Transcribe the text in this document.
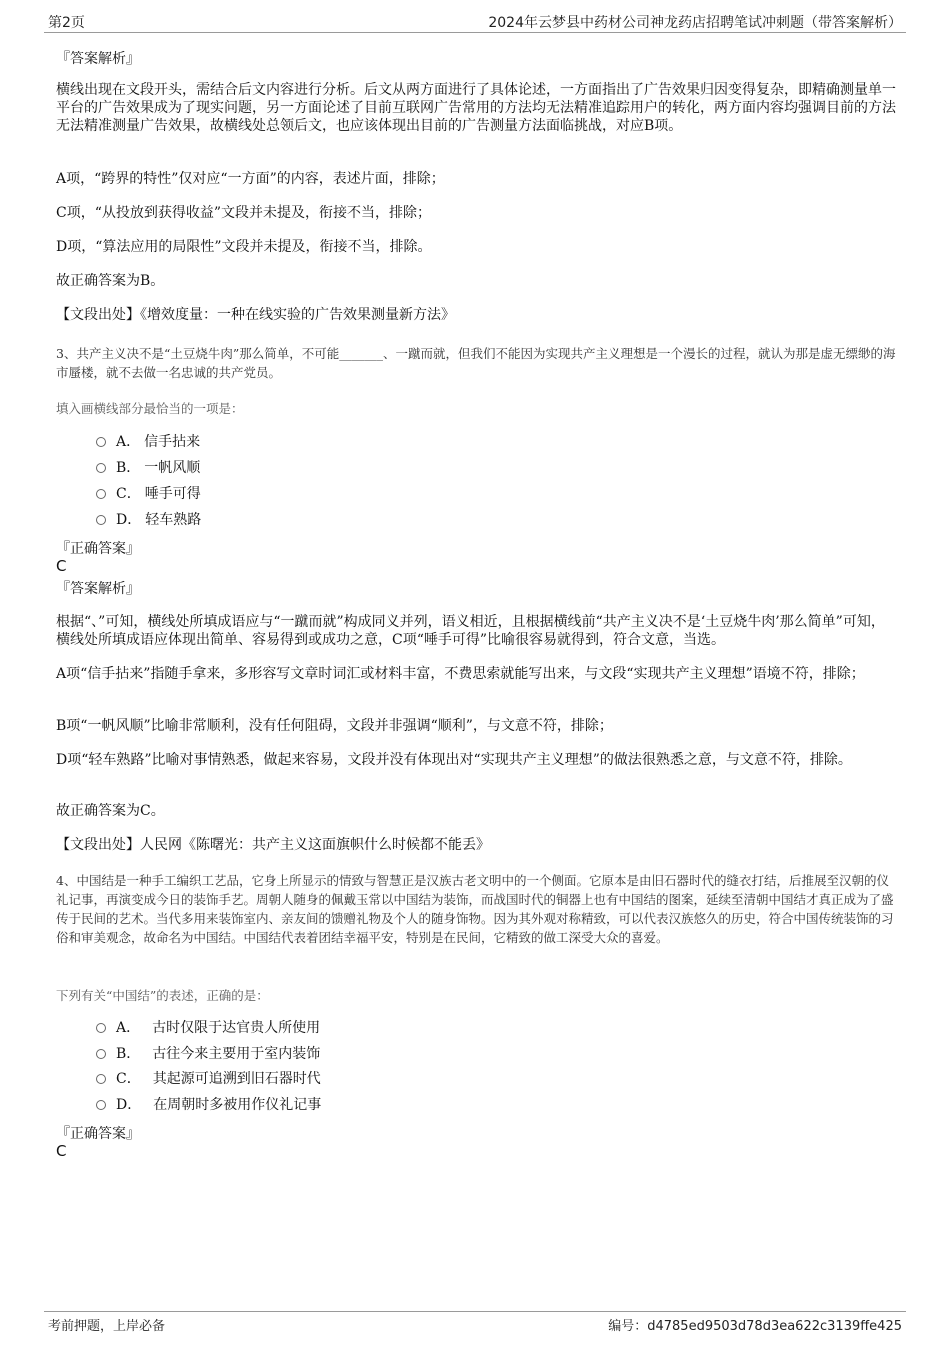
第2页	2024年云梦县中药材公司神龙药店招聘笔试冲刺题（带答案解析）

『答案解析』

横线出现在文段开头，需结合后文内容进行分析。后文从两方面进行了具体论述，一方面指出了广告效果归因变得复杂，即精确测量单一平台的广告效果成为了现实问题，另一方面论述了目前互联网广告常用的方法均无法精准追踪用户的转化，两方面内容均强调目前的方法无法精准测量广告效果，故横线处总领后文，也应该体现出目前的广告测量方法面临挑战，对应B项。

A项，“跨界的特性”仅对应“一方面”的内容，表述片面，排除；

C项，“从投放到获得收益”文段并未提及，衔接不当，排除；

D项，“算法应用的局限性”文段并未提及，衔接不当，排除。

故正确答案为B。

【文段出处】《增效度量：一种在线实验的广告效果测量新方法》

3、共产主义决不是“土豆烧牛肉”那么简单，不可能_______、一蹴而就，但我们不能因为实现共产主义理想是一个漫长的过程，就认为那是虚无缥缈的海市蜃楼，就不去做一名忠诚的共产党员。

填入画横线部分最恰当的一项是：

A． 信手拈来
B． 一帆风顺
C． 唾手可得
D． 轻车熟路

『正确答案』

C

『答案解析』

根据“、”可知，横线处所填成语应与“一蹴而就”构成同义并列，语义相近，且根据横线前“共产主义决不是‘土豆烧牛肉’那么简单”可知，横线处所填成语应体现出简单、容易得到或成功之意，C项“唾手可得”比喻很容易就得到，符合文意，当选。

A项“信手拈来”指随手拿来，多形容写文章时词汇或材料丰富，不费思索就能写出来，与文段“实现共产主义理想”语境不符，排除；

B项“一帆风顺”比喻非常顺利，没有任何阻碍，文段并非强调“顺利”，与文意不符，排除；

D项“轻车熟路”比喻对事情熟悉，做起来容易，文段并没有体现出对“实现共产主义理想”的做法很熟悉之意，与文意不符，排除。

故正确答案为C。

【文段出处】人民网《陈曙光：共产主义这面旗帜什么时候都不能丢》

4、中国结是一种手工编织工艺品，它身上所显示的情致与智慧正是汉族古老文明中的一个侧面。它原本是由旧石器时代的缝衣打结，后推展至汉朝的仪礼记事，再演变成今日的装饰手艺。周朝人随身的佩戴玉常以中国结为装饰，而战国时代的铜器上也有中国结的图案，延续至清朝中国结才真正成为了盛传于民间的艺术。当代多用来装饰室内、亲友间的馈赠礼物及个人的随身饰物。因为其外观对称精致，可以代表汉族悠久的历史，符合中国传统装饰的习俗和审美观念，故命名为中国结。中国结代表着团结幸福平安，特别是在民间，它精致的做工深受大众的喜爱。

下列有关“中国结”的表述，正确的是：

A． 古时仅限于达官贵人所使用
B． 古往今来主要用于室内装饰
C． 其起源可追溯到旧石器时代
D． 在周朝时多被用作仪礼记事

『正确答案』

C

考前押题，上岸必备	编号：d4785ed9503d78d3ea622c3139ffe425
